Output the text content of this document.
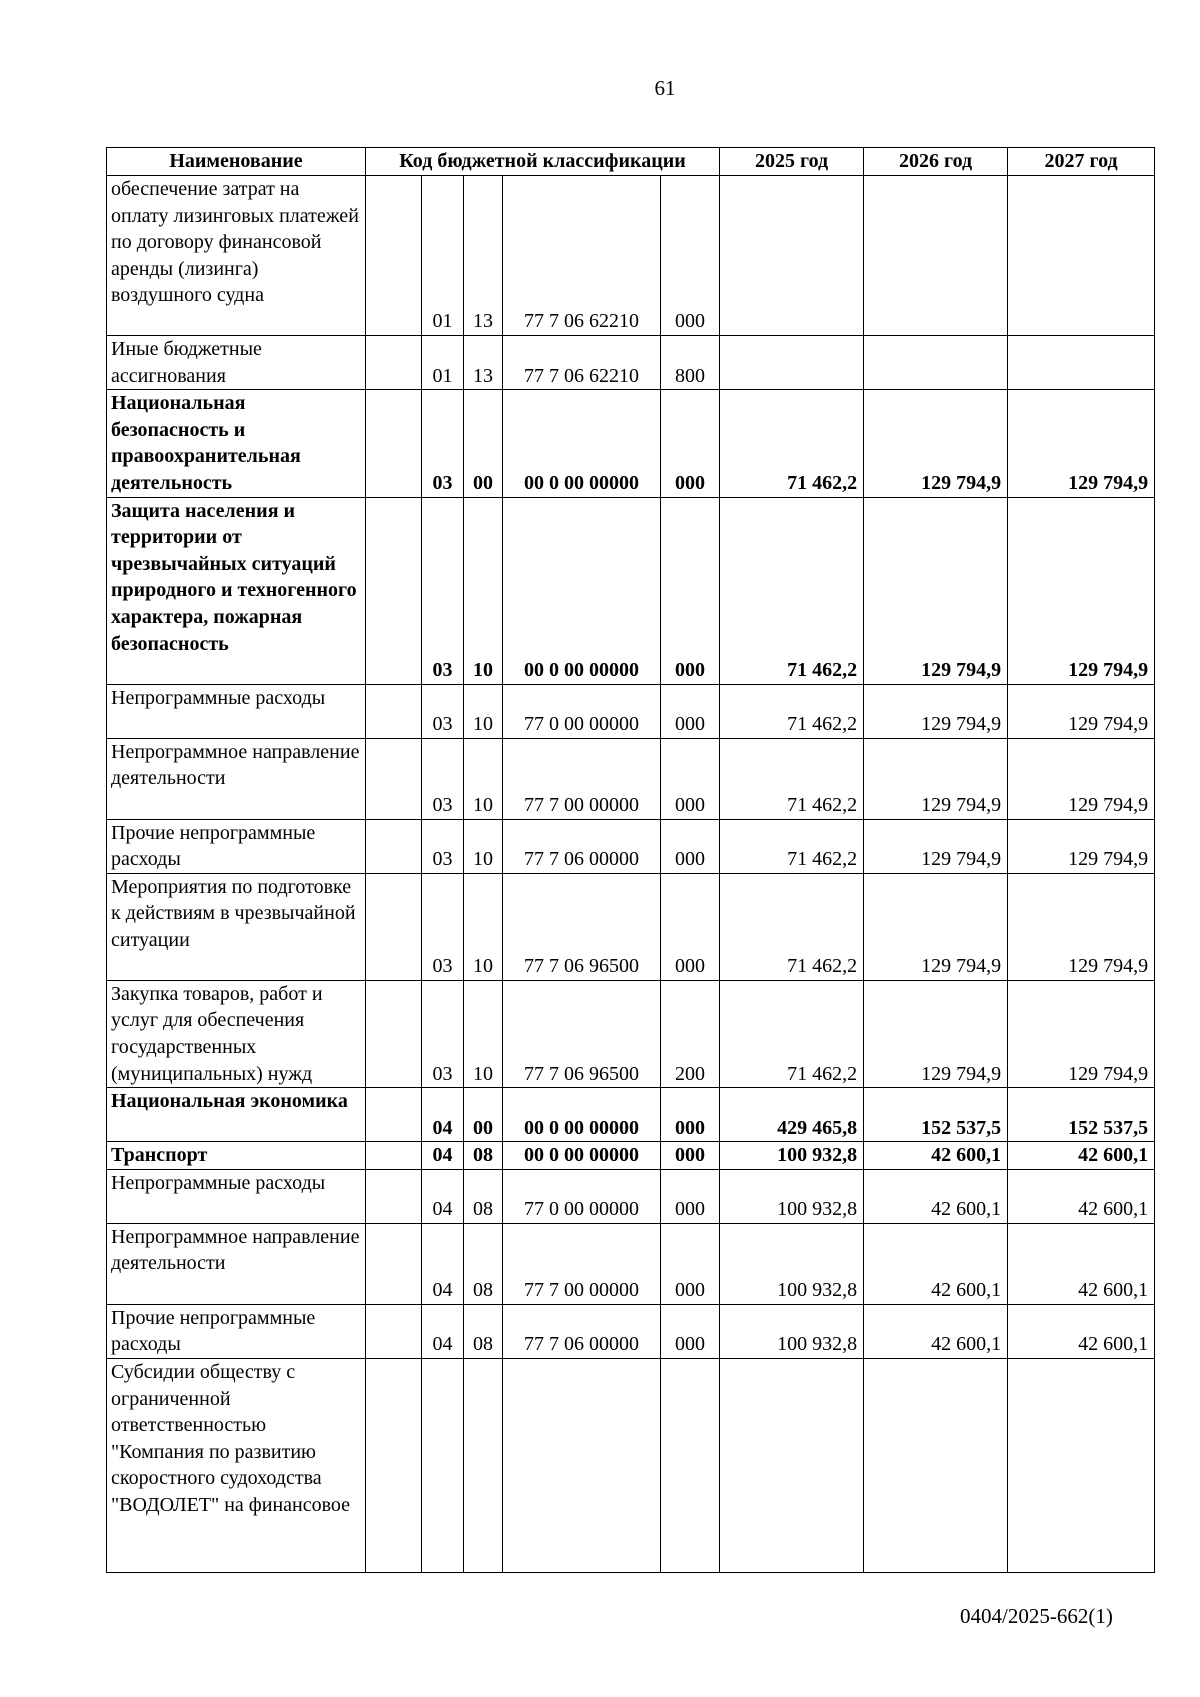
61
Наименование	Код бюджетной классификации					2025 год	2026 год	2027 год
обеспечение затрат на оплату лизинговых платежей по договору финансовой аренды (лизинга) воздушного судна		01	13	77 7 06 62210	000			
Иные бюджетные ассигнования		01	13	77 7 06 62210	800			
Национальная безопасность и правоохранительная деятельность		03	00	00 0 00 00000	000	71 462,2	129 794,9	129 794,9
Защита населения и территории от чрезвычайных ситуаций природного и техногенного характера, пожарная безопасность		03	10	00 0 00 00000	000	71 462,2	129 794,9	129 794,9
Непрограммные расходы		03	10	77 0 00 00000	000	71 462,2	129 794,9	129 794,9
Непрограммное направление деятельности		03	10	77 7 00 00000	000	71 462,2	129 794,9	129 794,9
Прочие непрограммные расходы		03	10	77 7 06 00000	000	71 462,2	129 794,9	129 794,9
Мероприятия по подготовке к действиям в чрезвычайной ситуации		03	10	77 7 06 96500	000	71 462,2	129 794,9	129 794,9
Закупка товаров, работ и услуг для обеспечения государственных (муниципальных) нужд		03	10	77 7 06 96500	200	71 462,2	129 794,9	129 794,9
Национальная экономика		04	00	00 0 00 00000	000	429 465,8	152 537,5	152 537,5
Транспорт		04	08	00 0 00 00000	000	100 932,8	42 600,1	42 600,1
Непрограммные расходы		04	08	77 0 00 00000	000	100 932,8	42 600,1	42 600,1
Непрограммное направление деятельности		04	08	77 7 00 00000	000	100 932,8	42 600,1	42 600,1
Прочие непрограммные расходы		04	08	77 7 06 00000	000	100 932,8	42 600,1	42 600,1
Субсидии обществу с ограниченной ответственностью "Компания по развитию скоростного судоходства "ВОДОЛЕТ" на финансовое								
0404/2025-662(1)
